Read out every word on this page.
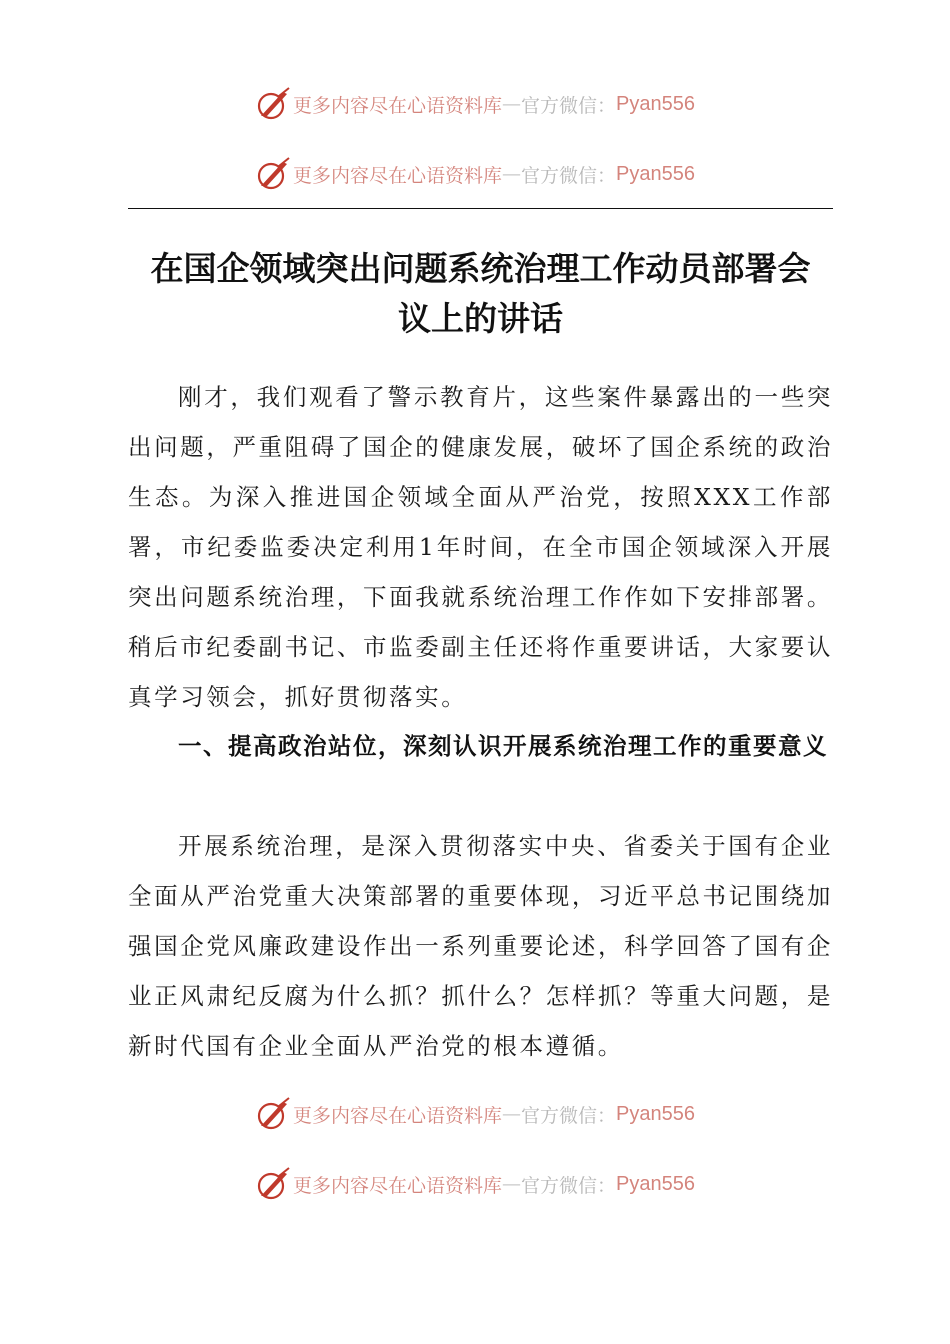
更多内容尽在心语资料库 — 官方微信： Pyan556
更多内容尽在心语资料库 — 官方微信： Pyan556
在国企领域突出问题系统治理工作动员部署会
议上的讲话

刚才，我们观看了警示教育片，这些案件暴露出的一些突出问题，严重阻碍了国企的健康发展，破坏了国企系统的政治生态。为深入推进国企领域全面从严治党，按照XXX工作部署，市纪委监委决定利用1年时间，在全市国企领域深入开展突出问题系统治理，下面我就系统治理工作作如下安排部署。稍后市纪委副书记、市监委副主任还将作重要讲话，大家要认真学习领会，抓好贯彻落实。

一、提高政治站位，深刻认识开展系统治理工作的重要意义

开展系统治理，是深入贯彻落实中央、省委关于国有企业全面从严治党重大决策部署的重要体现，习近平总书记围绕加强国企党风廉政建设作出一系列重要论述，科学回答了国有企业正风肃纪反腐为什么抓？抓什么？怎样抓？等重大问题，是新时代国有企业全面从严治党的根本遵循。

更多内容尽在心语资料库 — 官方微信： Pyan556
更多内容尽在心语资料库 — 官方微信： Pyan556
